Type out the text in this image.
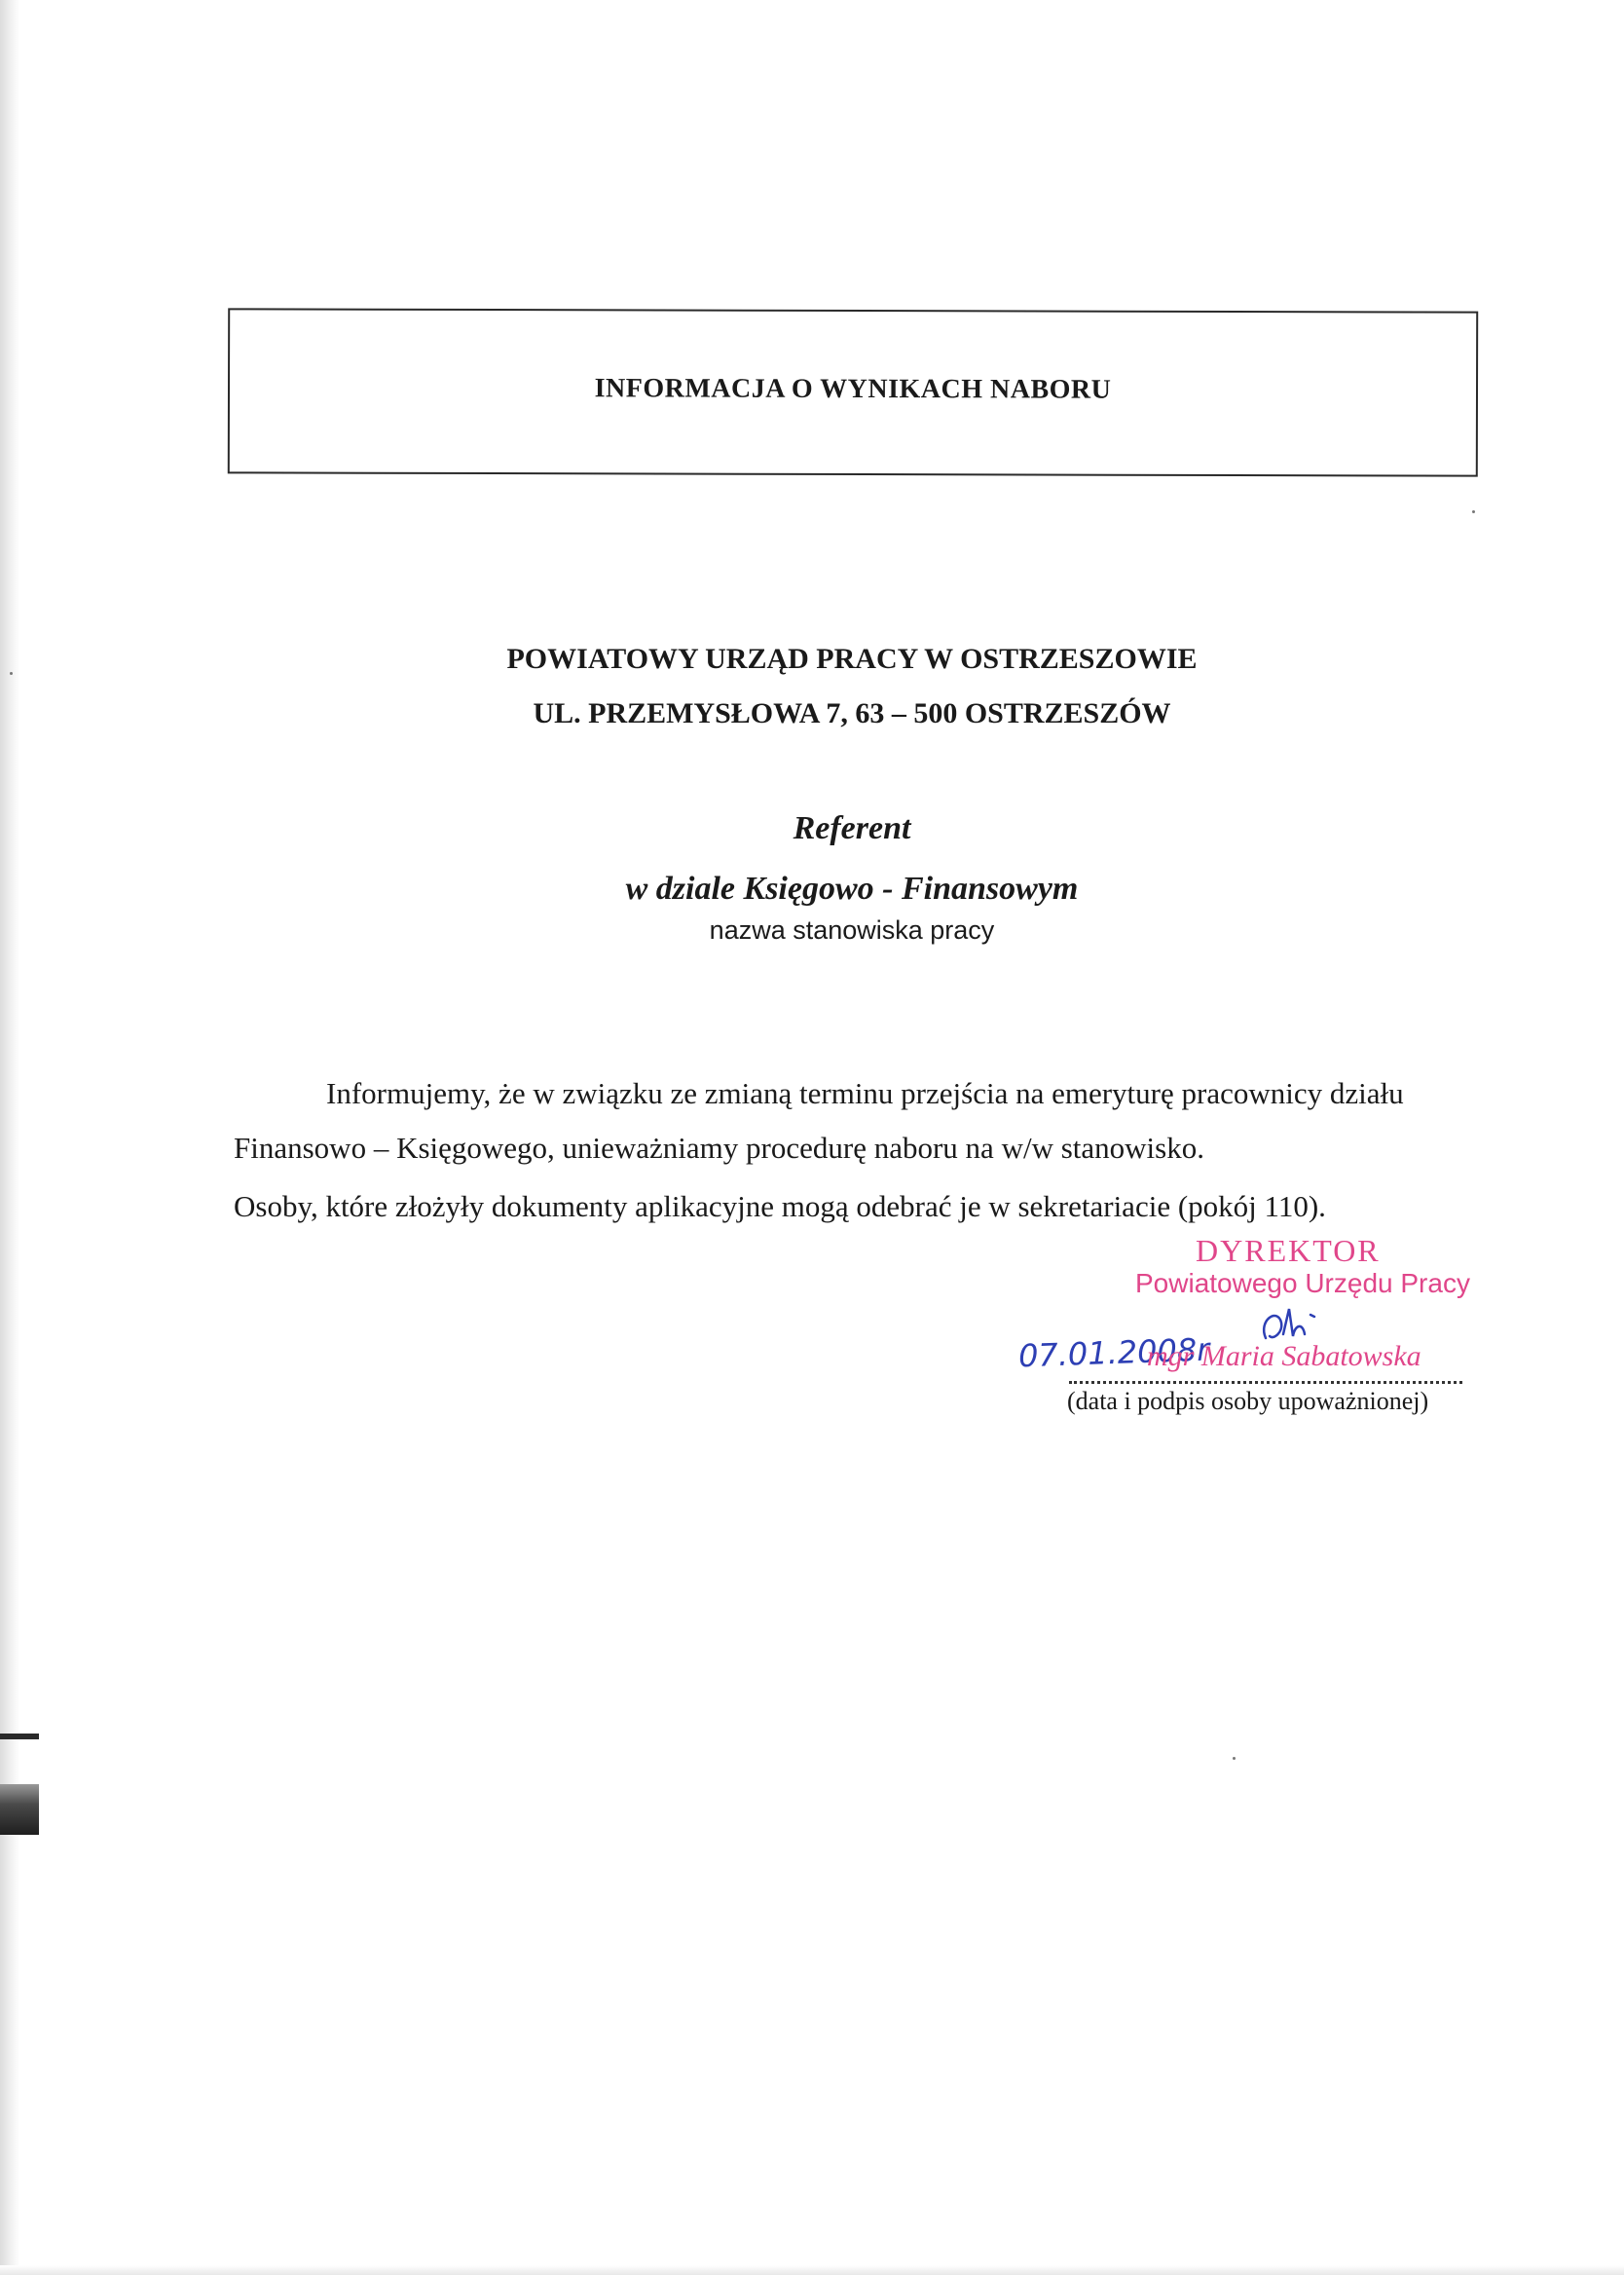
INFORMACJA O WYNIKACH NABORU
POWIATOWY URZĄD PRACY W OSTRZESZOWIE
UL. PRZEMYSŁOWA 7, 63 – 500 OSTRZESZÓW
Referent
w dziale Księgowo - Finansowym
nazwa stanowiska pracy
Informujemy, że w związku ze zmianą terminu przejścia na emeryturę pracownicy działu
Finansowo – Księgowego, unieważniamy procedurę naboru na w/w stanowisko.
Osoby, które złożyły dokumenty aplikacyjne mogą odebrać je w sekretariacie (pokój 110).
DYREKTOR
Powiatowego Urzędu Pracy
07.01.2008r
mgr Maria Sabatowska
(data i podpis osoby upoważnionej)
